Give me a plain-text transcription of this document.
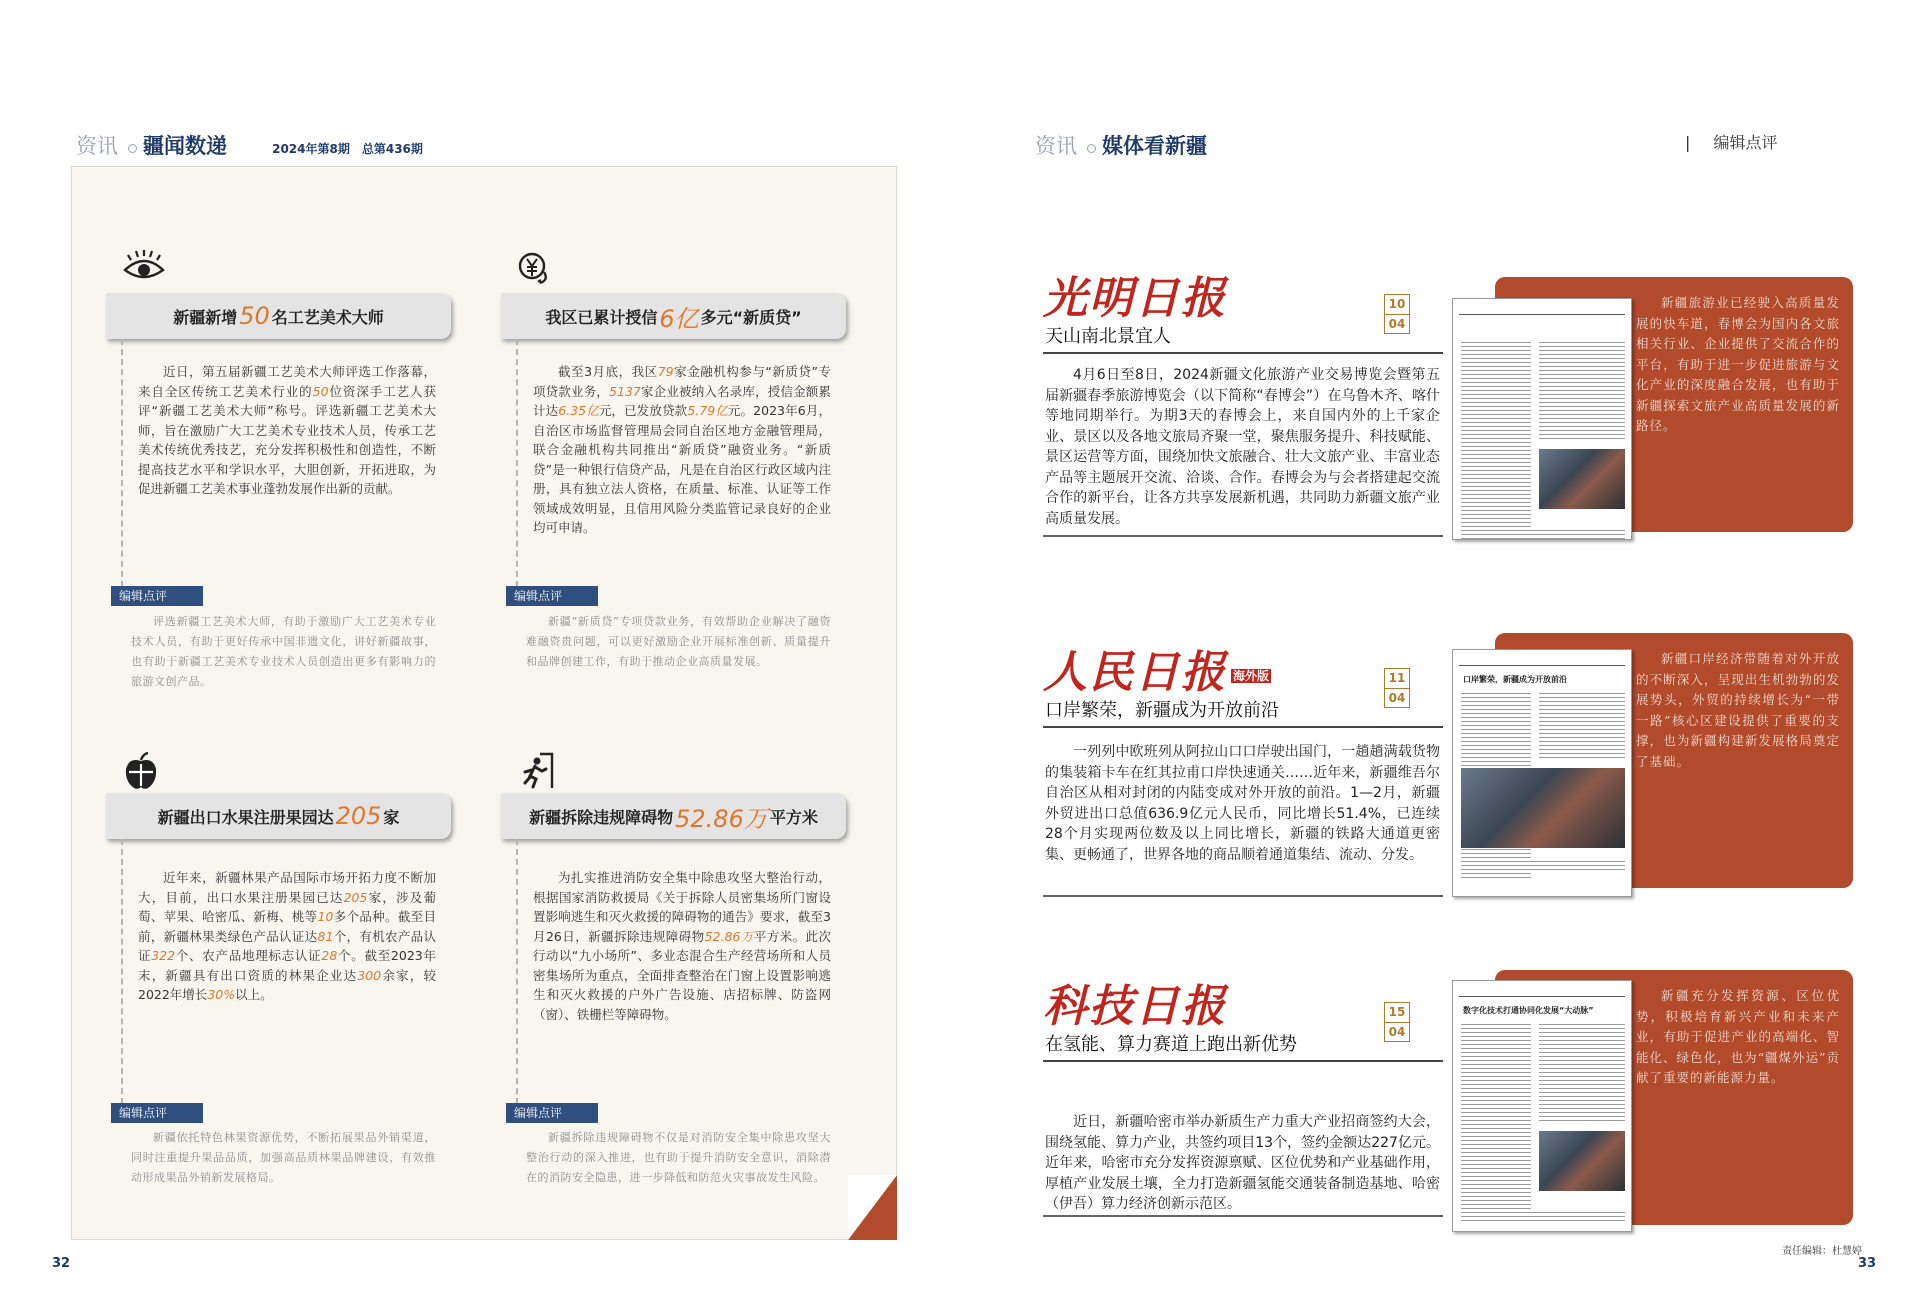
资讯 疆闻数递	2024年第8期　总第436期
新疆新增 50 名工艺美术大师
近日，第五届新疆工艺美术大师评选工作落幕，来自全区传统工艺美术行业的50位资深手工艺人获评“新疆工艺美术大师”称号。评选新疆工艺美术大师，旨在激励广大工艺美术专业技术人员，传承工艺美术传统优秀技艺，充分发挥积极性和创造性，不断提高技艺水平和学识水平，大胆创新，开拓进取，为促进新疆工艺美术事业蓬勃发展作出新的贡献。
编辑点评
评选新疆工艺美术大师，有助于激励广大工艺美术专业技术人员，有助于更好传承中国非遗文化，讲好新疆故事，也有助于新疆工艺美术专业技术人员创造出更多有影响力的旅游文创产品。
我区已累计授信 6亿 多元“新质贷”
截至3月底，我区79家金融机构参与“新质贷”专项贷款业务，5137家企业被纳入名录库，授信金额累计达6.35亿元，已发放贷款5.79亿元。2023年6月，自治区市场监督管理局会同自治区地方金融管理局，联合金融机构共同推出“新质贷”融资业务。“新质贷”是一种银行信贷产品，凡是在自治区行政区域内注册，具有独立法人资格，在质量、标准、认证等工作领域成效明显，且信用风险分类监管记录良好的企业均可申请。
编辑点评
新疆“新质贷”专项贷款业务，有效帮助企业解决了融资难融资贵问题，可以更好激励企业开展标准创新、质量提升和品牌创建工作，有助于推动企业高质量发展。
新疆出口水果注册果园达 205 家
近年来，新疆林果产品国际市场开拓力度不断加大，目前，出口水果注册果园已达205家，涉及葡萄、苹果、哈密瓜、新梅、桃等10多个品种。截至目前，新疆林果类绿色产品认证达81个，有机农产品认证322个、农产品地理标志认证28个。截至2023年末，新疆具有出口资质的林果企业达300余家，较2022年增长30%以上。
编辑点评
新疆依托特色林果资源优势，不断拓展果品外销渠道，同时注重提升果品品质，加强高品质林果品牌建设，有效推动形成果品外销新发展格局。
新疆拆除违规障碍物 52.86万 平方米
为扎实推进消防安全集中除患攻坚大整治行动，根据国家消防救援局《关于拆除人员密集场所门窗设置影响逃生和灭火救援的障碍物的通告》要求，截至3月26日，新疆拆除违规障碍物52.86万平方米。此次行动以“九小场所”、多业态混合生产经营场所和人员密集场所为重点，全面排查整治在门窗上设置影响逃生和灭火救援的户外广告设施、店招标牌、防盗网（窗）、铁栅栏等障碍物。
编辑点评
新疆拆除违规障碍物不仅是对消防安全集中除患攻坚大整治行动的深入推进，也有助于提升消防安全意识，消除潜在的消防安全隐患，进一步降低和防范火灾事故发生风险。
32
资讯 媒体看新疆	| 编辑点评
新疆旅游业已经驶入高质量发展的快车道，春博会为国内各文旅相关行业、企业提供了交流合作的平台，有助于进一步促进旅游与文化产业的深度融合发展，也有助于新疆探索文旅产业高质量发展的新路径。
光明日报	10
04
天山南北景宜人
4月6日至8日，2024新疆文化旅游产业交易博览会暨第五届新疆春季旅游博览会（以下简称“春博会”）在乌鲁木齐、喀什等地同期举行。为期3天的春博会上，来自国内外的上千家企业、景区以及各地文旅局齐聚一堂，聚焦服务提升、科技赋能、景区运营等方面，围绕加快文旅融合、壮大文旅产业、丰富业态产品等主题展开交流、洽谈、合作。春博会为与会者搭建起交流合作的新平台，让各方共享发展新机遇，共同助力新疆文旅产业高质量发展。
新疆口岸经济带随着对外开放的不断深入，呈现出生机勃勃的发展势头，外贸的持续增长为“一带一路”核心区建设提供了重要的支撑，也为新疆构建新发展格局奠定了基础。
口岸繁荣，新疆成为开放前沿
人民日报 海外版	11
04
口岸繁荣，新疆成为开放前沿
一列列中欧班列从阿拉山口口岸驶出国门，一趟趟满载货物的集装箱卡车在红其拉甫口岸快速通关……近年来，新疆维吾尔自治区从相对封闭的内陆变成对外开放的前沿。1—2月，新疆外贸进出口总值636.9亿元人民币，同比增长51.4%，已连续28个月实现两位数及以上同比增长，新疆的铁路大通道更密集、更畅通了，世界各地的商品顺着通道集结、流动、分发。
新疆充分发挥资源、区位优势，积极培育新兴产业和未来产业，有助于促进产业的高端化、智能化、绿色化，也为“疆煤外运”贡献了重要的新能源力量。
数字化技术打通协同化发展“大动脉”
科技日报	15
04
在氢能、算力赛道上跑出新优势
近日，新疆哈密市举办新质生产力重大产业招商签约大会，围绕氢能、算力产业，共签约项目13个，签约金额达227亿元。近年来，哈密市充分发挥资源禀赋、区位优势和产业基础作用，厚植产业发展土壤，全力打造新疆氢能交通装备制造基地、哈密（伊吾）算力经济创新示范区。
责任编辑：杜慧婷
33
